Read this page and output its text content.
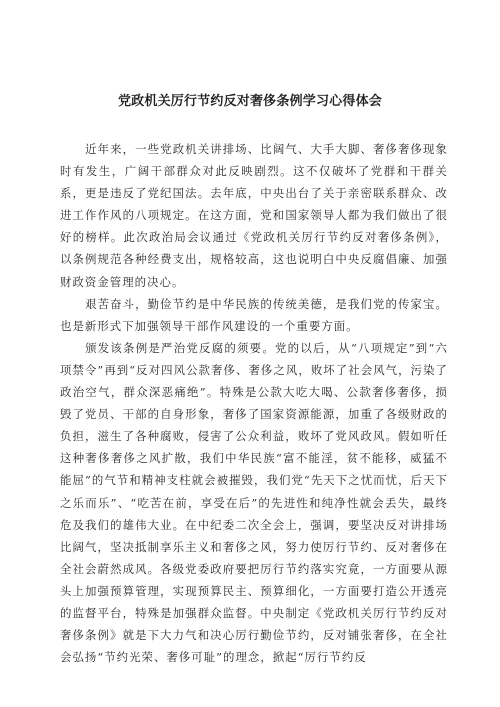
党政机关厉行节约反对奢侈条例学习心得体会

近年来，一些党政机关讲排场、比阔气、大手大脚、奢侈奢侈现象时有发生，广阔干部群众对此反映剧烈。这不仅破坏了党群和干群关系，更是违反了党纪国法。去年底，中央出台了关于亲密联系群众、改进工作作风的八项规定。在这方面，党和国家领导人都为我们做出了很好的榜样。此次政治局会议通过《党政机关厉行节约反对奢侈条例》，以条例规范各种经费支出，规格较高，这也说明白中央反腐倡廉、加强财政资金管理的决心。

艰苦奋斗，勤俭节约是中华民族的传统美德，是我们党的传家宝。也是新形式下加强领导干部作风建设的一个重要方面。

颁发该条例是严治党反腐的须要。党的以后，从“八项规定”到“六项禁令”再到“反对四风公款奢侈、奢侈之风，败坏了社会风气，污染了政治空气，群众深恶痛绝”。特殊是公款大吃大喝、公款奢侈奢侈，损毁了党员、干部的自身形象，奢侈了国家资源能源，加重了各级财政的负担，滋生了各种腐败，侵害了公众利益，败坏了党风政风。假如听任这种奢侈奢侈之风扩散，我们中华民族“富不能淫，贫不能移，威猛不能屈”的气节和精神支柱就会被摧毁，我们党“先天下之忧而忧，后天下之乐而乐”、“吃苦在前，享受在后”的先进性和纯净性就会丢失，最终危及我们的雄伟大业。在中纪委二次全会上，强调，要坚决反对讲排场比阔气，坚决抵制享乐主义和奢侈之风，努力使厉行节约、反对奢侈在全社会蔚然成风。各级党委政府要把厉行节约落实究竟，一方面要从源头上加强预算管理，实现预算民主、预算细化，一方面要打造公开透亮的监督平台，特殊是加强群众监督。中央制定《党政机关厉行节约反对奢侈条例》就是下大力气和决心厉行勤俭节约，反对铺张奢侈，在全社会弘扬“节约光荣、奢侈可耻”的理念，掀起“厉行节约反
